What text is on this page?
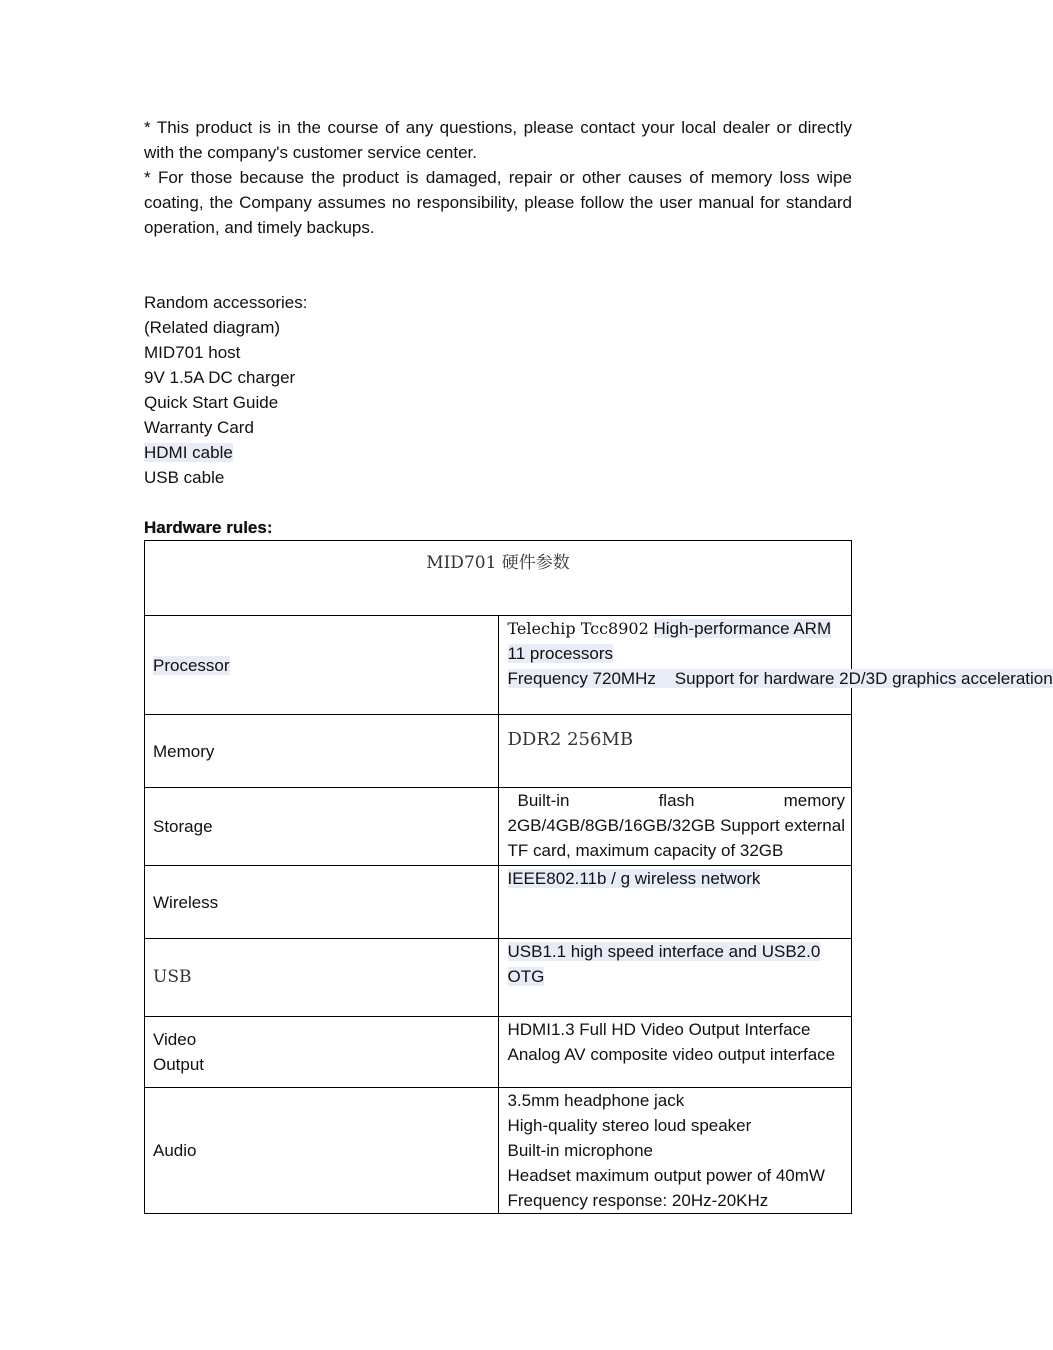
* This product is in the course of any questions, please contact your local dealer or directly with the company's customer service center.

* For those because the product is damaged, repair or other causes of memory loss wipe coating, the Company assumes no responsibility, please follow the user manual for standard operation, and timely backups.

Random accessories:
(Related diagram)
MID701 host
9V 1.5A DC charger
Quick Start Guide
Warranty Card
HDMI cable
USB cable
Hardware rules:
MID701 硬件参数	
Processor	Telechip Tcc8902 High-performance ARM 11 processors
Frequency 720MHz    Support for hardware 2D/3D graphics acceleration

Memory	DDR2 256MB
Storage	Built-in flash memory 2GB/4GB/8GB/16GB/32GB Support external TF card, maximum capacity of 32GB
Wireless	IEEE802.11b / g wireless network
USB	USB1.1 high speed interface and USB2.0 OTG

Video
Output	HDMI1.3 Full HD Video Output Interface
Analog AV composite video output interface

Audio	3.5mm headphone jack
High-quality stereo loud speaker
Built-in microphone
Headset maximum output power of 40mW
Frequency response: 20Hz-20KHz
